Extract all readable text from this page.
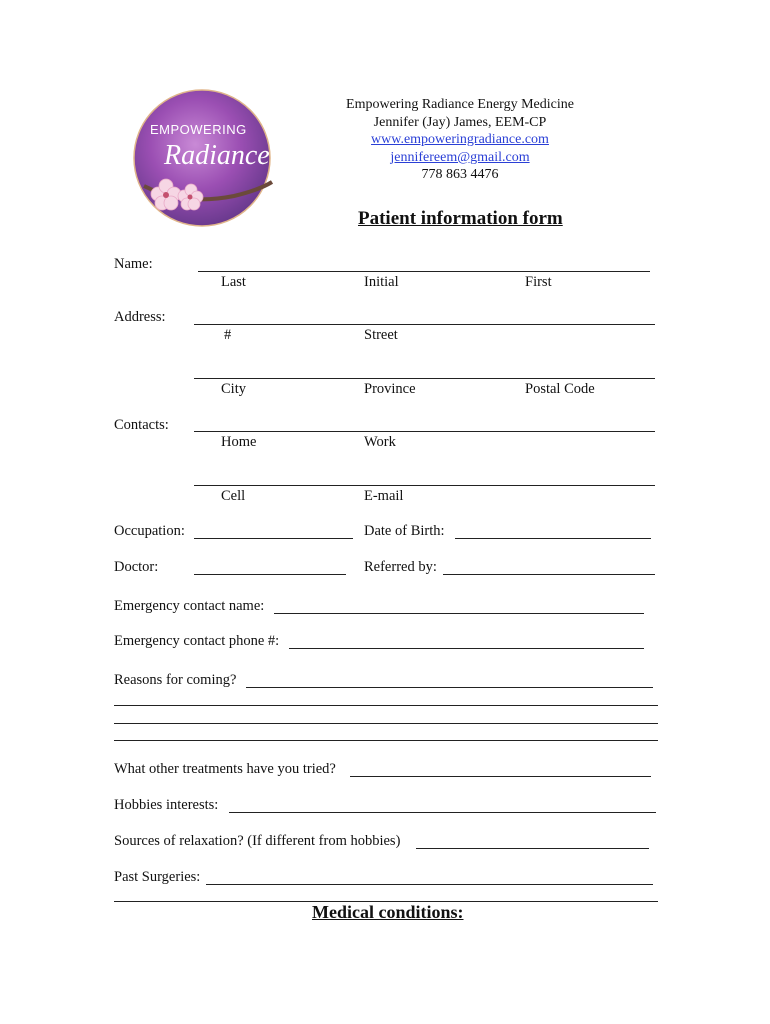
EMPOWERING
Radiance
Empowering Radiance Energy Medicine
Jennifer (Jay) James, EEM-CP
www.empoweringradiance.com
jennifereem@gmail.com
778 863 4476
Patient information form
Name:
Last	Initial	First
Address:
#	Street
City	Province	Postal Code
Contacts:
Home	Work
Cell	E-mail
Occupation:	Date of Birth:
Doctor:	Referred by:
Emergency contact name:
Emergency contact phone #:
Reasons for coming?
What other treatments have you tried?
Hobbies interests:
Sources of relaxation? (If different from hobbies)
Past Surgeries:
Medical conditions:
